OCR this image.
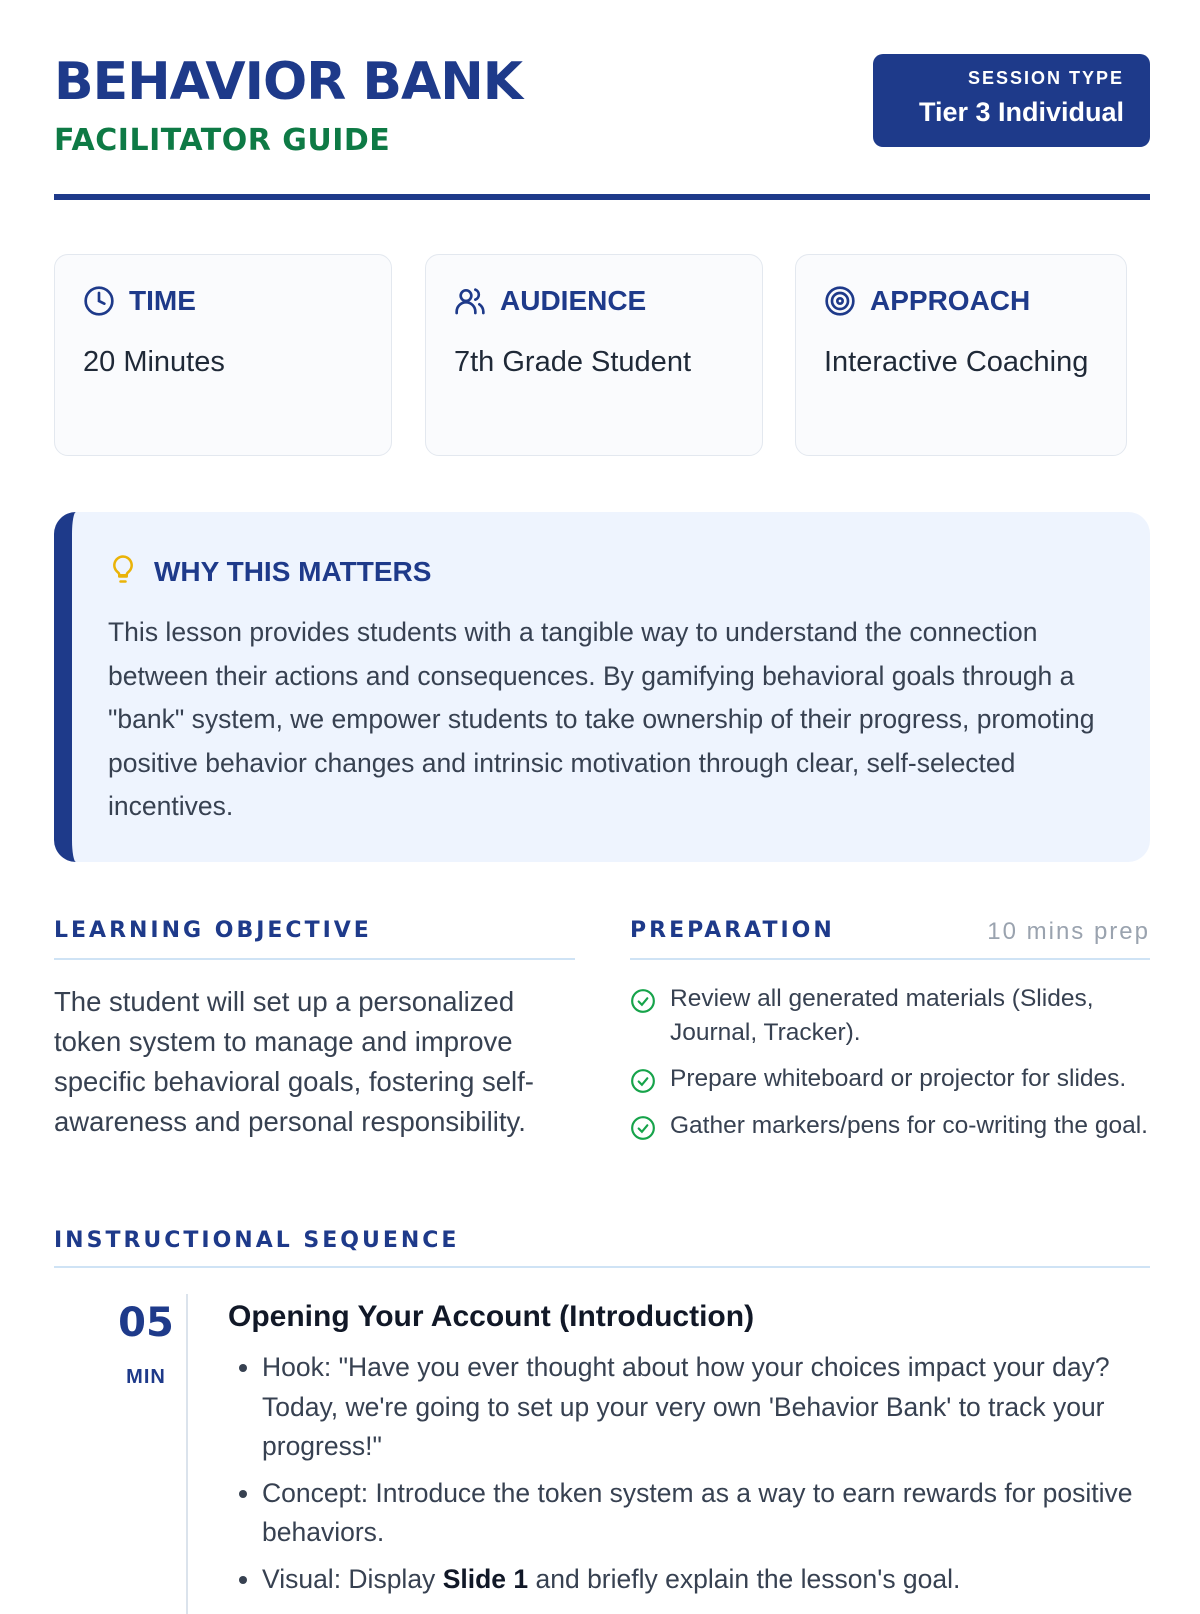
BEHAVIOR BANK
FACILITATOR GUIDE
SESSION TYPE
Tier 3 Individual
TIME
20 Minutes
AUDIENCE
7th Grade Student
APPROACH
Interactive Coaching
WHY THIS MATTERS

This lesson provides students with a tangible way to understand the connection between their actions and consequences. By gamifying behavioral goals through a "bank" system, we empower students to take ownership of their progress, promoting positive behavior changes and intrinsic motivation through clear, self-selected incentives.

LEARNING OBJECTIVE

The student will set up a personalized token system to manage and improve specific behavioral goals, fostering self-awareness and personal responsibility.

PREPARATION	10 mins prep
Review all generated materials (Slides, Journal, Tracker).
Prepare whiteboard or projector for slides.
Gather markers/pens for co-writing the goal.
INSTRUCTIONAL SEQUENCE
05
MIN
Opening Your Account (Introduction)
• Hook: "Have you ever thought about how your choices impact your day? Today, we're going to set up your very own 'Behavior Bank' to track your progress!"
• Concept: Introduce the token system as a way to earn rewards for positive behaviors.
• Visual: Display Slide 1 and briefly explain the lesson's goal.
